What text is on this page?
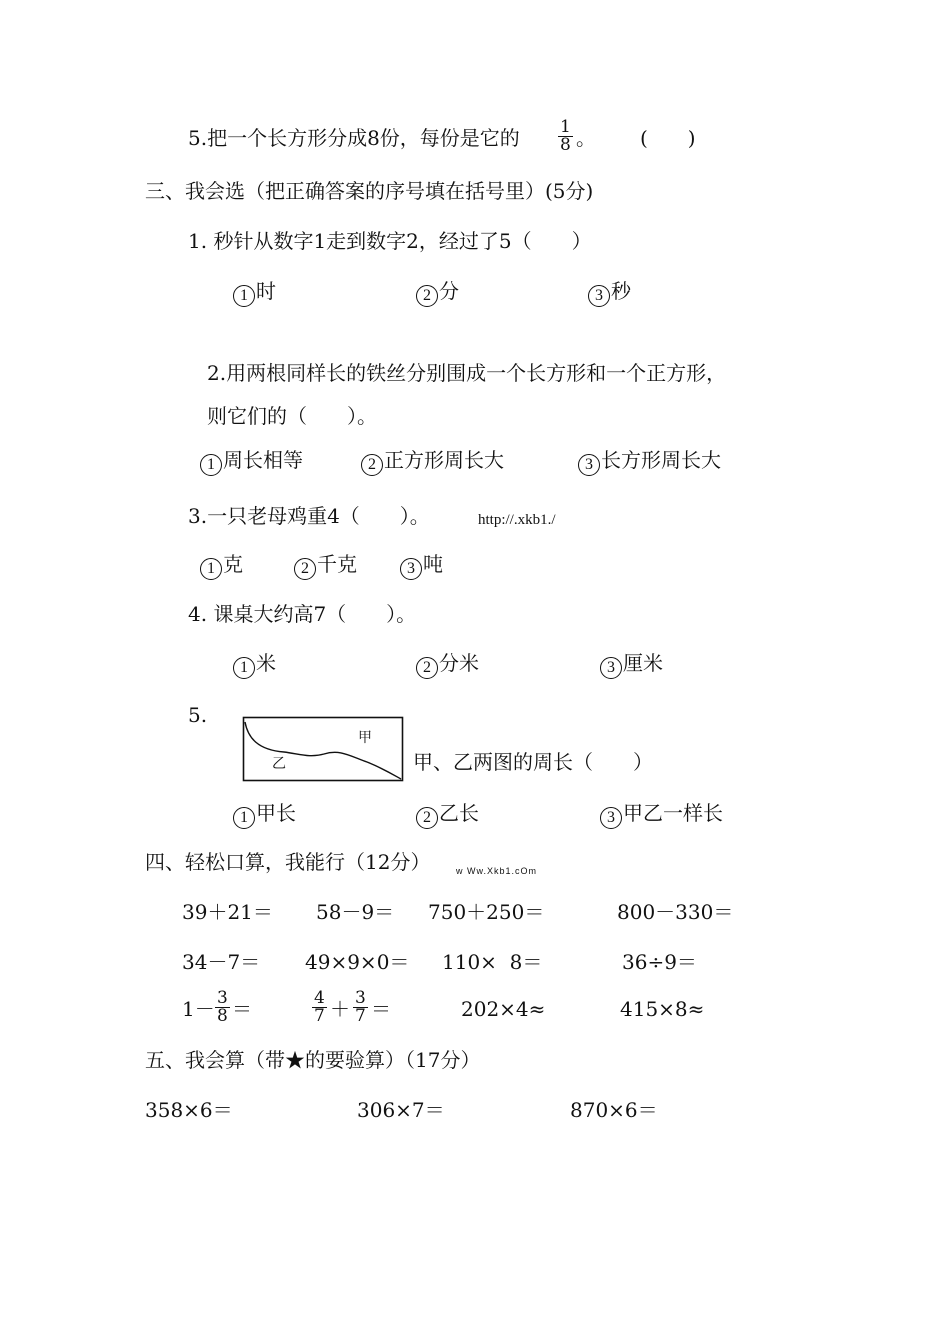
5.把一个长方形分成8份，每份是它的 $\frac{1}{8}$ 。 (　　)
三、我会选（把正确答案的序号填在括号里）(5分)
1. 秒针从数字1走到数字2，经过了5（　　）
1 时	2 分	3 秒
2.用两根同样长的铁丝分别围成一个长方形和一个正方形，
则它们的（　　）。
1 周长相等	2 正方形周长大	3 长方形周长大
3.一只老母鸡重4（　　）。	http://.xkb1./
1 克	2 千克	3 吨
4. 课桌大约高7（　　）。
1 米	2 分米	3 厘米
5.
甲
乙	甲、乙两图的周长（　　）
1 甲长	2 乙长	3 甲乙一样长
四、轻松口算，我能行（12分）	w Ww.Xkb1.cOm
39＋21＝ 58－9＝ 750＋250＝	800－330＝
34－7＝ 49×9×0＝ 110×  8＝	36÷9＝
$1- \frac{3}{8}$ ＝	$\frac{4}{7} + \frac{3}{7}$ ＝	202×4≈	415×8≈
五、我会算（带★的要验算）（17分）
358×6＝	306×7＝	870×6＝
